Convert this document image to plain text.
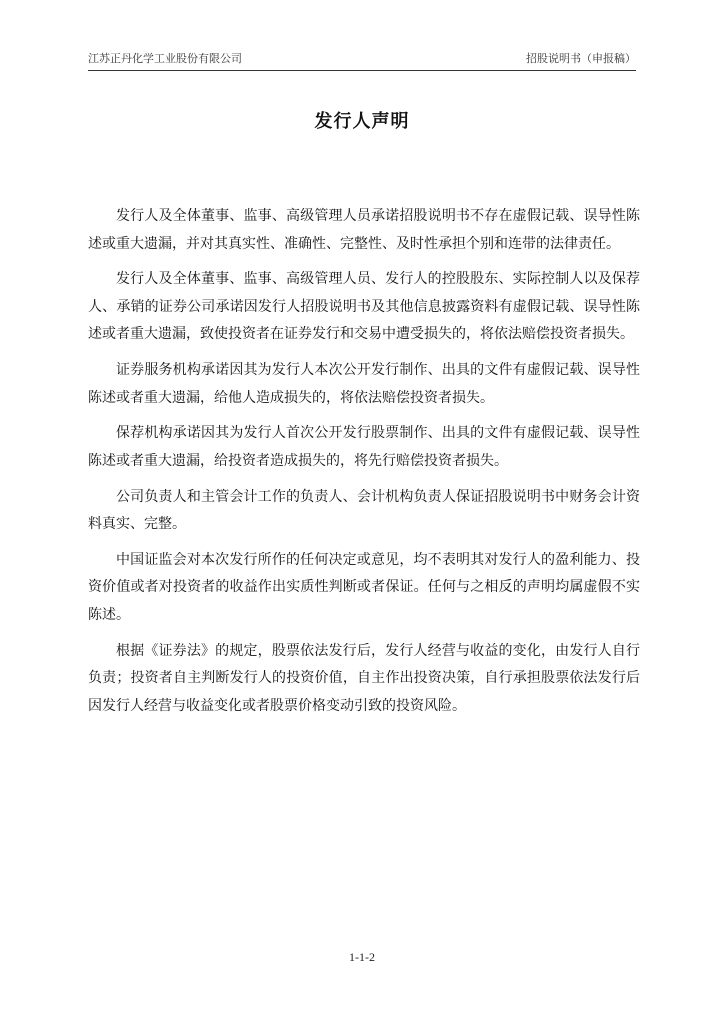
江苏正丹化学工业股份有限公司	招股说明书（申报稿）
发行人声明

发行人及全体董事、监事、高级管理人员承诺招股说明书不存在虚假记载、误导性陈述或重大遗漏，并对其真实性、准确性、完整性、及时性承担个别和连带的法律责任。

发行人及全体董事、监事、高级管理人员、发行人的控股股东、实际控制人以及保荐人、承销的证券公司承诺因发行人招股说明书及其他信息披露资料有虚假记载、误导性陈述或者重大遗漏，致使投资者在证券发行和交易中遭受损失的，将依法赔偿投资者损失。

证券服务机构承诺因其为发行人本次公开发行制作、出具的文件有虚假记载、误导性陈述或者重大遗漏，给他人造成损失的，将依法赔偿投资者损失。

保荐机构承诺因其为发行人首次公开发行股票制作、出具的文件有虚假记载、误导性陈述或者重大遗漏，给投资者造成损失的，将先行赔偿投资者损失。

公司负责人和主管会计工作的负责人、会计机构负责人保证招股说明书中财务会计资料真实、完整。

中国证监会对本次发行所作的任何决定或意见，均不表明其对发行人的盈利能力、投资价值或者对投资者的收益作出实质性判断或者保证。任何与之相反的声明均属虚假不实陈述。

根据《证券法》的规定，股票依法发行后，发行人经营与收益的变化，由发行人自行负责；投资者自主判断发行人的投资价值，自主作出投资决策，自行承担股票依法发行后因发行人经营与收益变化或者股票价格变动引致的投资风险。

1-1-2
